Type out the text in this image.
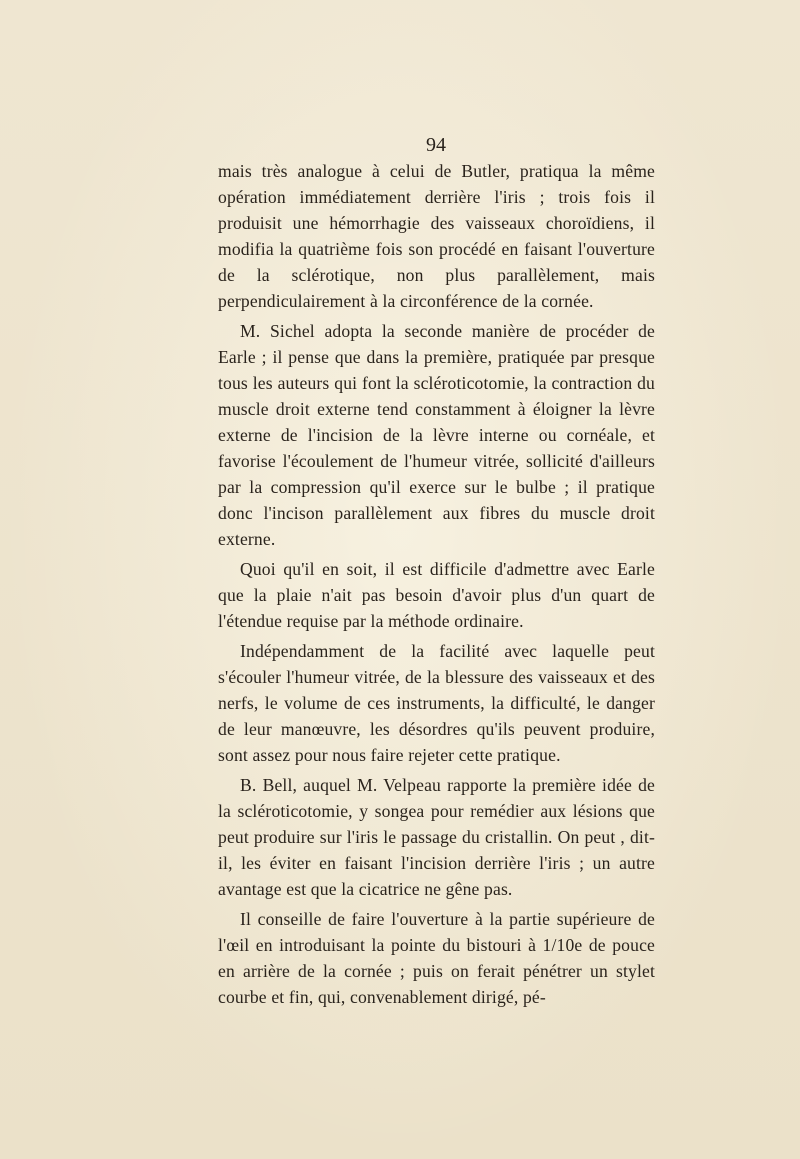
94

mais très analogue à celui de Butler, pratiqua la même opération immédiatement derrière l'iris ; trois fois il produisit une hémorrhagie des vaisseaux choroïdiens, il modifia la quatrième fois son procédé en faisant l'ouverture de la sclérotique, non plus parallèlement, mais perpendiculairement à la circonférence de la cornée.

M. Sichel adopta la seconde manière de procéder de Earle ; il pense que dans la première, pratiquée par presque tous les auteurs qui font la scléroticotomie, la contraction du muscle droit externe tend constamment à éloigner la lèvre externe de l'incision de la lèvre interne ou cornéale, et favorise l'écoulement de l'humeur vitrée, sollicité d'ailleurs par la compression qu'il exerce sur le bulbe ; il pratique donc l'incison parallèlement aux fibres du muscle droit externe.

Quoi qu'il en soit, il est difficile d'admettre avec Earle que la plaie n'ait pas besoin d'avoir plus d'un quart de l'étendue requise par la méthode ordinaire.

Indépendamment de la facilité avec laquelle peut s'écouler l'humeur vitrée, de la blessure des vaisseaux et des nerfs, le volume de ces instruments, la difficulté, le danger de leur manœuvre, les désordres qu'ils peuvent produire, sont assez pour nous faire rejeter cette pratique.

B. Bell, auquel M. Velpeau rapporte la première idée de la scléroticotomie, y songea pour remédier aux lésions que peut produire sur l'iris le passage du cristallin. On peut , dit-il, les éviter en faisant l'incision derrière l'iris ; un autre avantage est que la cicatrice ne gêne pas.

Il conseille de faire l'ouverture à la partie supérieure de l'œil en introduisant la pointe du bistouri à 1/10e de pouce en arrière de la cornée ; puis on ferait pénétrer un stylet courbe et fin, qui, convenablement dirigé, pé-
